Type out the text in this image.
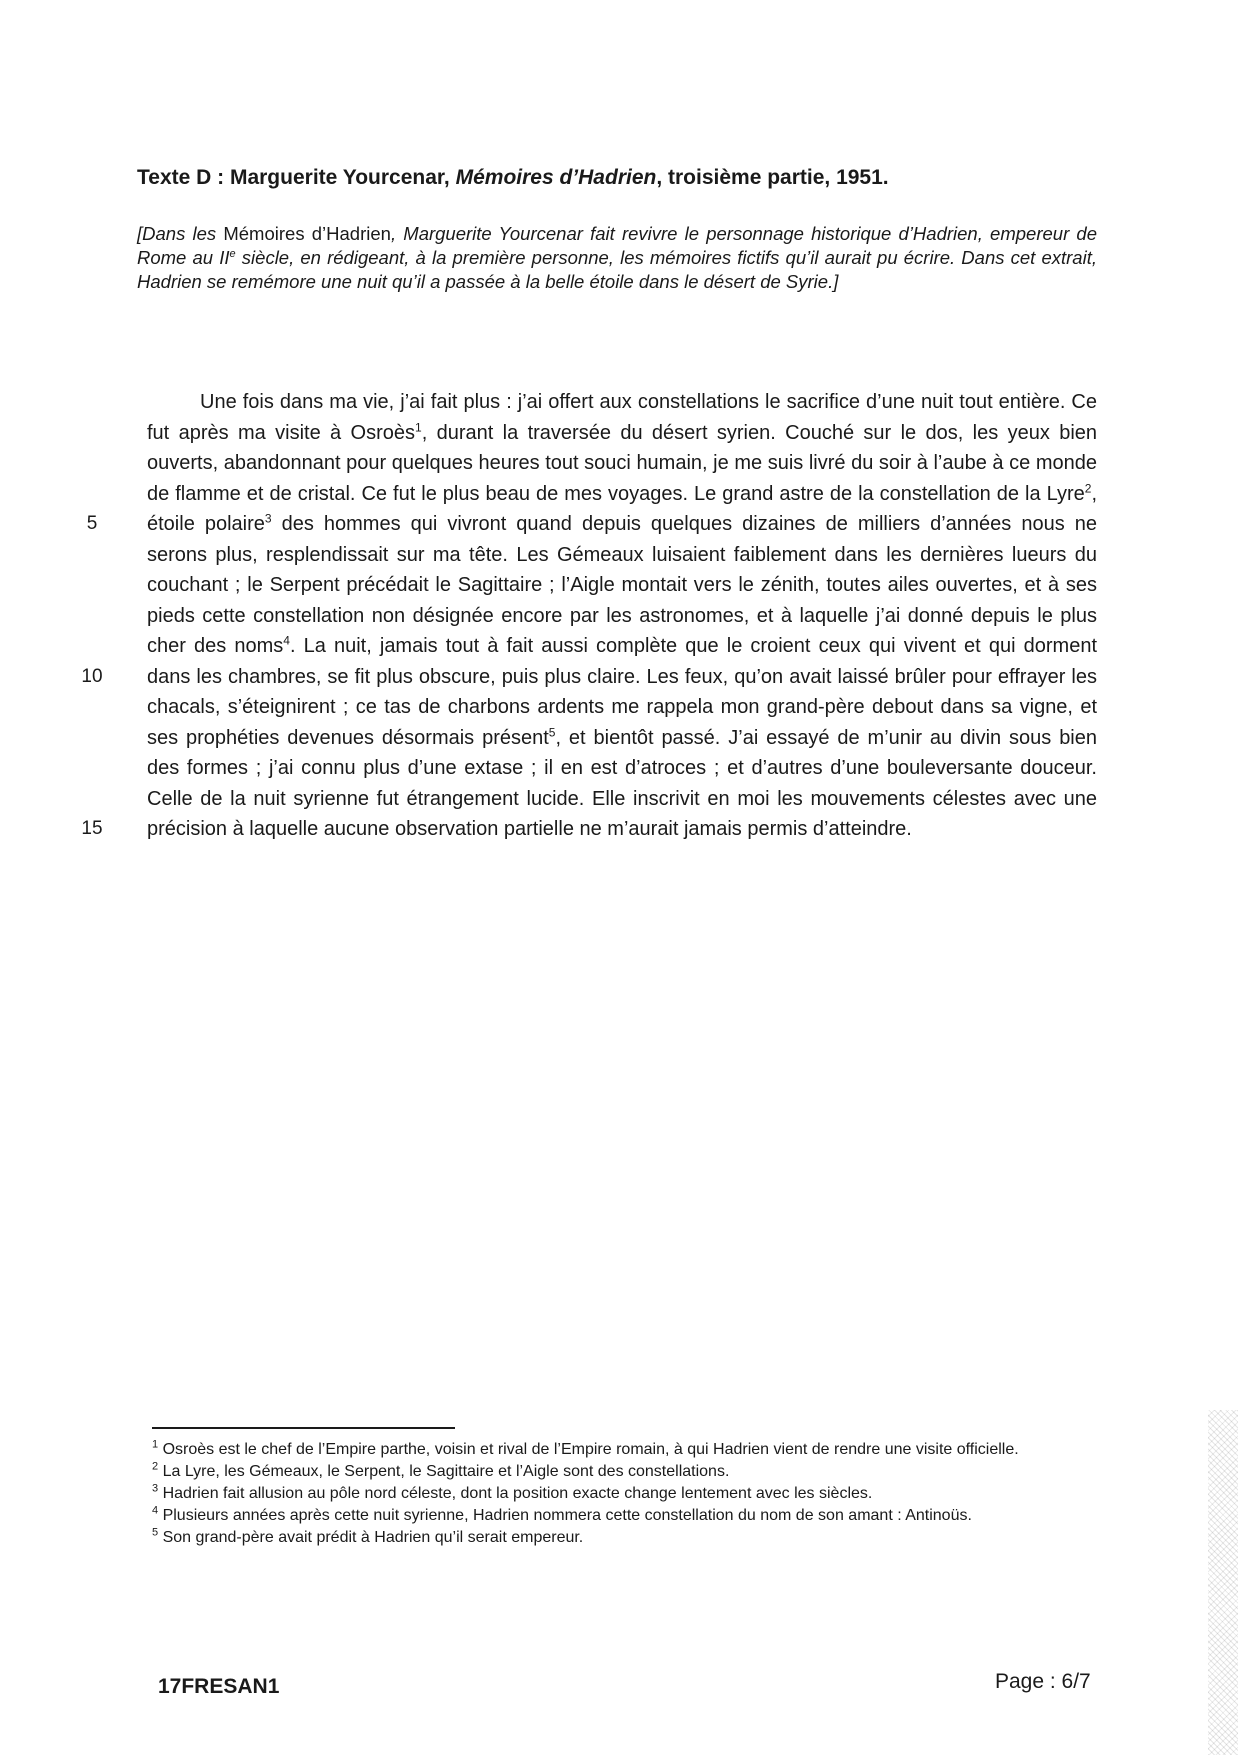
Texte D : Marguerite Yourcenar, Mémoires d’Hadrien, troisième partie, 1951.
[Dans les Mémoires d’Hadrien, Marguerite Yourcenar fait revivre le personnage historique d’Hadrien, empereur de Rome au IIe siècle, en rédigeant, à la première personne, les mémoires fictifs qu’il aurait pu écrire. Dans cet extrait, Hadrien se remémore une nuit qu’il a passée à la belle étoile dans le désert de Syrie.]
5
10
15
Une fois dans ma vie, j’ai fait plus : j’ai offert aux constellations le sacrifice d’une nuit tout entière. Ce fut après ma visite à Osroès$^1$, durant la traversée du désert syrien. Couché sur le dos, les yeux bien ouverts, abandonnant pour quelques heures tout souci humain, je me suis livré du soir à l’aube à ce monde de flamme et de cristal. Ce fut le plus beau de mes voyages. Le grand astre de la constellation de la Lyre$^2$, étoile polaire$^3$ des hommes qui vivront quand depuis quelques dizaines de milliers d’années nous ne serons plus, resplendissait sur ma tête. Les Gémeaux luisaient faiblement dans les dernières lueurs du couchant ; le Serpent précédait le Sagittaire ; l’Aigle montait vers le zénith, toutes ailes ouvertes, et à ses pieds cette constellation non désignée encore par les astronomes, et à laquelle j’ai donné depuis le plus cher des noms$^4$. La nuit, jamais tout à fait aussi complète que le croient ceux qui vivent et qui dorment dans les chambres, se fit plus obscure, puis plus claire. Les feux, qu’on avait laissé brûler pour effrayer les chacals, s’éteignirent ; ce tas de charbons ardents me rappela mon grand-père debout dans sa vigne, et ses prophéties devenues désormais présent$^5$, et bientôt passé. J’ai essayé de m’unir au divin sous bien des formes ; j’ai connu plus d’une extase ; il en est d’atroces ; et d’autres d’une bouleversante douceur. Celle de la nuit syrienne fut étrangement lucide. Elle inscrivit en moi les mouvements célestes avec une précision à laquelle aucune observation partielle ne m’aurait jamais permis d’atteindre.

$^1$ Osroès est le chef de l’Empire parthe, voisin et rival de l’Empire romain, à qui Hadrien vient de rendre une visite officielle.

$^2$ La Lyre, les Gémeaux, le Serpent, le Sagittaire et l’Aigle sont des constellations.

$^3$ Hadrien fait allusion au pôle nord céleste, dont la position exacte change lentement avec les siècles.

$^4$ Plusieurs années après cette nuit syrienne, Hadrien nommera cette constellation du nom de son amant : Antinoüs.

$^5$ Son grand-père avait prédit à Hadrien qu’il serait empereur.

17FRESAN1	Page : 6/7
